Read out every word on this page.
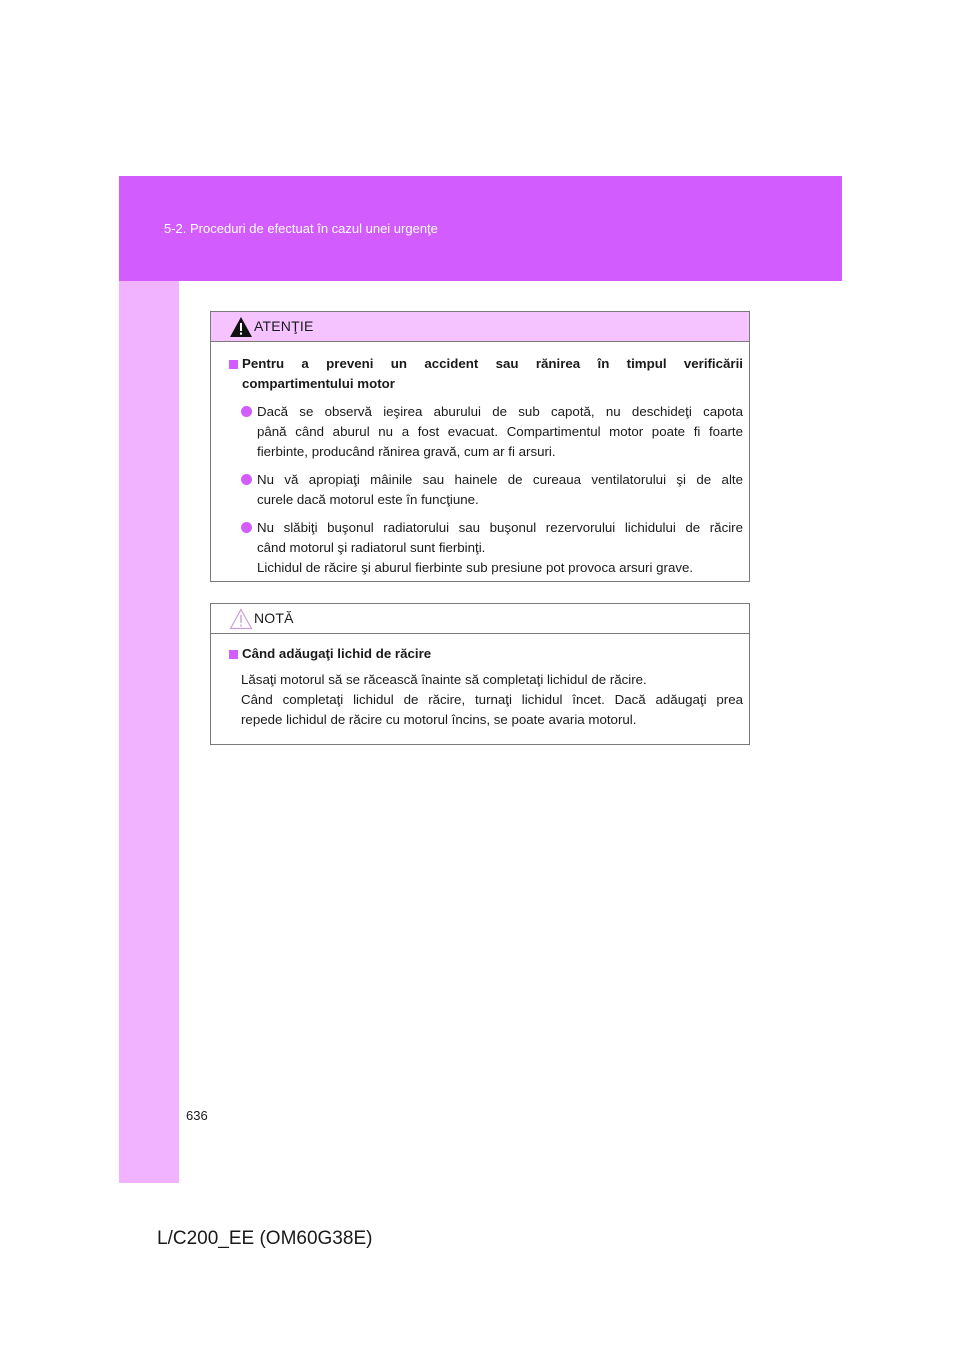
5-2. Proceduri de efectuat în cazul unei urgenţe
636
ATENŢIE
Pentru a preveni un accident sau rănirea în timpul verificării
compartimentului motor
Dacă se observă ieşirea aburului de sub capotă, nu deschideţi capota
până când aburul nu a fost evacuat. Compartimentul motor poate fi foarte
fierbinte, producând rănirea gravă, cum ar fi arsuri.
Nu vă apropiaţi mâinile sau hainele de cureaua ventilatorului şi de alte
curele dacă motorul este în funcţiune.
Nu slăbiţi buşonul radiatorului sau buşonul rezervorului lichidului de răcire
când motorul şi radiatorul sunt fierbinţi.
Lichidul de răcire şi aburul fierbinte sub presiune pot provoca arsuri grave.
NOTĂ
Când adăugaţi lichid de răcire
Lăsaţi motorul să se răcească înainte să completaţi lichidul de răcire.
Când completaţi lichidul de răcire, turnaţi lichidul încet. Dacă adăugaţi prea
repede lichidul de răcire cu motorul încins, se poate avaria motorul.
L/C200_EE (OM60G38E)
